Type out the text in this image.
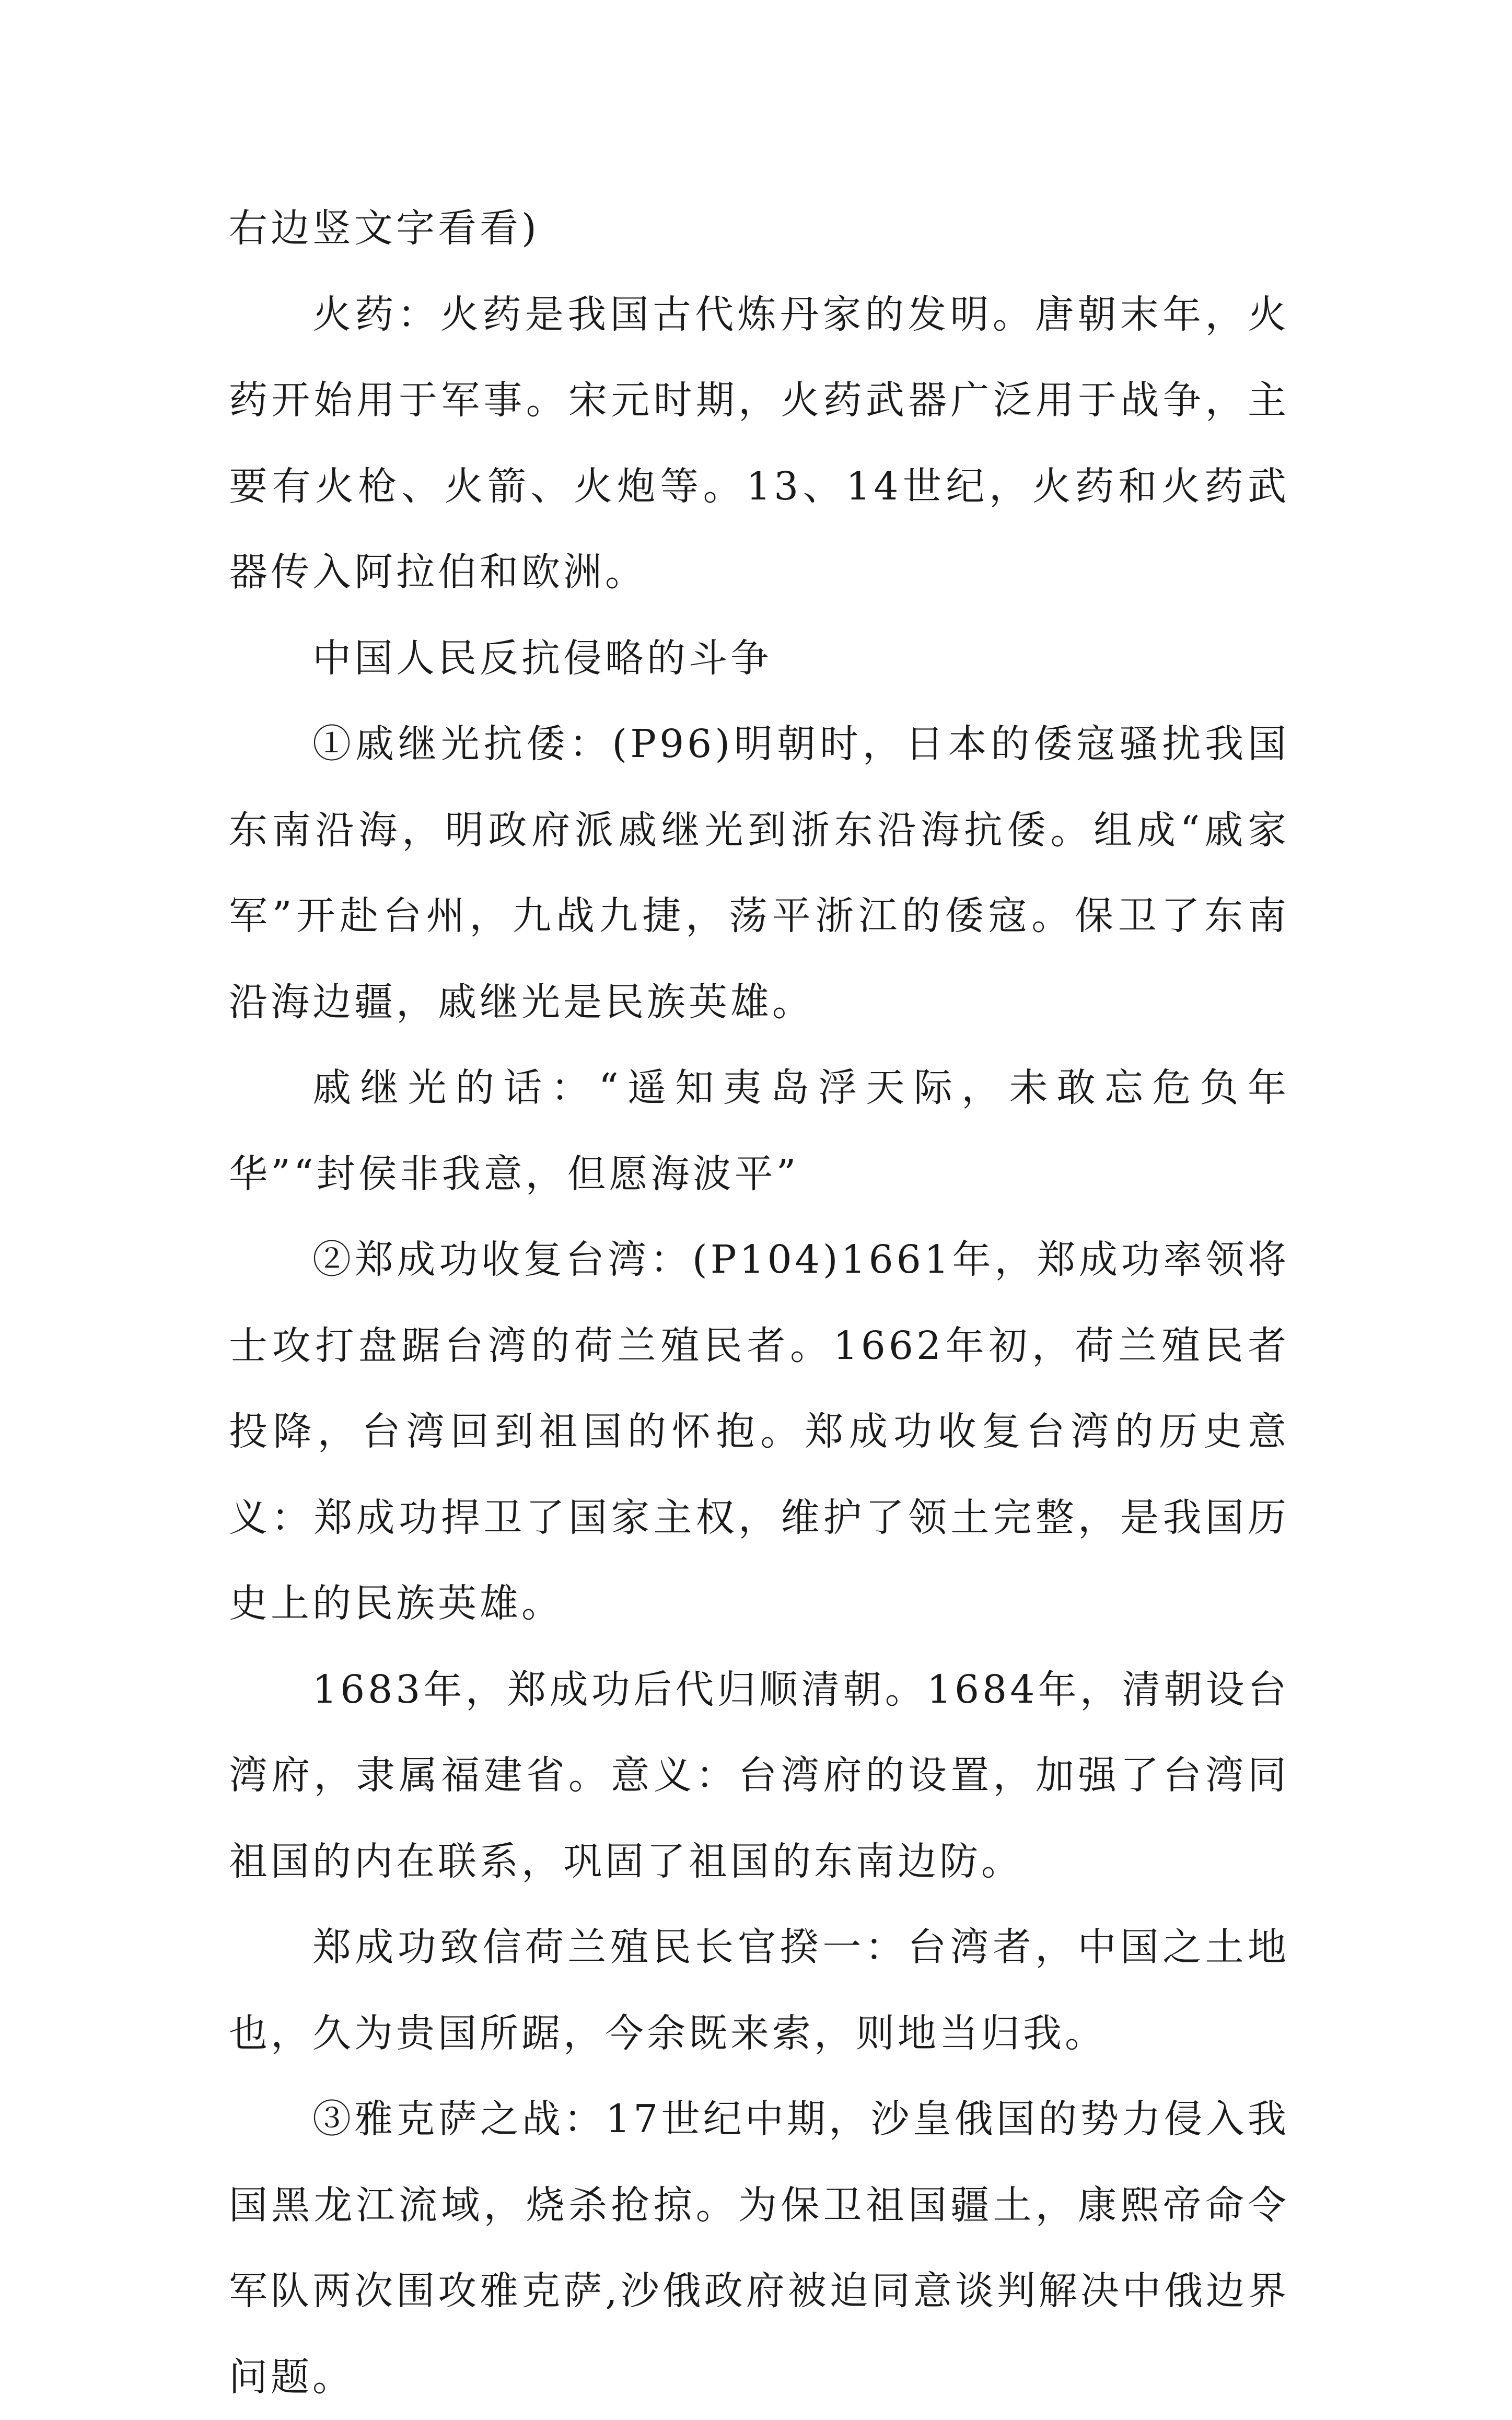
右边竖文字看看)

火药：火药是我国古代炼丹家的发明。唐朝末年，火药开始用于军事。宋元时期，火药武器广泛用于战争，主要有火枪、火箭、火炮等。13、14世纪，火药和火药武器传入阿拉伯和欧洲。

中国人民反抗侵略的斗争

①戚继光抗倭：(P96)明朝时，日本的倭寇骚扰我国东南沿海，明政府派戚继光到浙东沿海抗倭。组成“戚家军”开赴台州，九战九捷，荡平浙江的倭寇。保卫了东南沿海边疆，戚继光是民族英雄。

戚继光的话：“遥知夷岛浮天际，未敢忘危负年华”“封侯非我意，但愿海波平”

②郑成功收复台湾：(P104)1661年，郑成功率领将士攻打盘踞台湾的荷兰殖民者。1662年初，荷兰殖民者投降，台湾回到祖国的怀抱。郑成功收复台湾的历史意义：郑成功捍卫了国家主权，维护了领土完整，是我国历史上的民族英雄。

1683年，郑成功后代归顺清朝。1684年，清朝设台湾府，隶属福建省。意义：台湾府的设置，加强了台湾同祖国的内在联系，巩固了祖国的东南边防。

郑成功致信荷兰殖民长官揆一：台湾者，中国之土地也，久为贵国所踞，今余既来索，则地当归我。

③雅克萨之战：17世纪中期，沙皇俄国的势力侵入我国黑龙江流域，烧杀抢掠。为保卫祖国疆土，康熙帝命令军队两次围攻雅克萨,沙俄政府被迫同意谈判解决中俄边界问题。
